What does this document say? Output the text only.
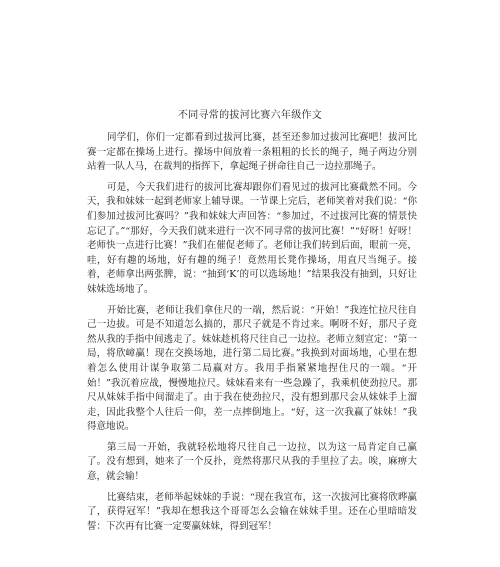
不同寻常的拔河比赛六年级作文

同学们，你们一定都看到过拔河比赛，甚至还参加过拔河比赛吧！拔河比赛一定都在操场上进行。操场中间放着一条粗粗的长长的绳子，绳子两边分别站着一队人马，在裁判的指挥下，拿起绳子拼命往自己一边拉那绳子。

可是，今天我们进行的拔河比赛却跟你们看见过的拔河比赛截然不同。今天，我和妹妹一起到老师家上辅导课。一节课上完后，老师笑着对我们说：“你们参加过拔河比赛吗？”我和妹妹大声回答：“参加过，不过拔河比赛的情景快忘记了。”“那好，今天我们就来进行一次不同寻常的拔河比赛！”“好呀！好呀！老师快一点进行比赛！”我们在催促老师了。老师让我们转到后面，眼前一亮，哇，好有趣的场地，好有趣的绳子！竟然用长凳作操场，用直尺当绳子。接着，老师拿出两张脾，说：“抽到‘K’的可以选场地！”结果我没有抽到，只好让妹妹选场地了。

开始比赛，老师让我们拿住尺的一端，然后说：“开始！”我连忙拉尺往自己一边拔。可是不知道怎么搞的，那尺子就是不肯过来。啊呀不好，那尺子竟然从我的手指中间逃走了。妹妹趁机将尺往自己一边拉。老师立刻宣定：“第一局，将欣嶂赢！现在交换场地，进行第二局比赛。”我换到对面场地，心里在想着怎么使用计谋争取第二局赢对方。我用手指紧紧地捏住尺的一端。“开始！”我沉着应战，慢慢地拉尺。妹妹看来有一些急躁了，我乘机使劲拉尺。那尺从妹妹手指中间溜走了。由于我在使劲拉尺，没有想到那尺会从妹妹手上溜走，因此我整个人往后一仰，差一点摔倒地上。“好，这一次我赢了妹妹！”我得意地说。

第三局一开始，我就轻松地将尺往自己一边拉，以为这一局肯定自己赢了。没有想到，她来了一个反扑，竟然将那尺从我的手里拉了去。唉，麻痹大意，就会输！

比赛结束，老师举起妹妹的手说：“现在我宣布，这一次拔河比赛将欣晔赢了，获得冠军！”我却在想我这个哥哥怎么会输在妹妹手里。还在心里暗暗发誓：下次再有比赛一定要赢妹妹，得到冠军！
